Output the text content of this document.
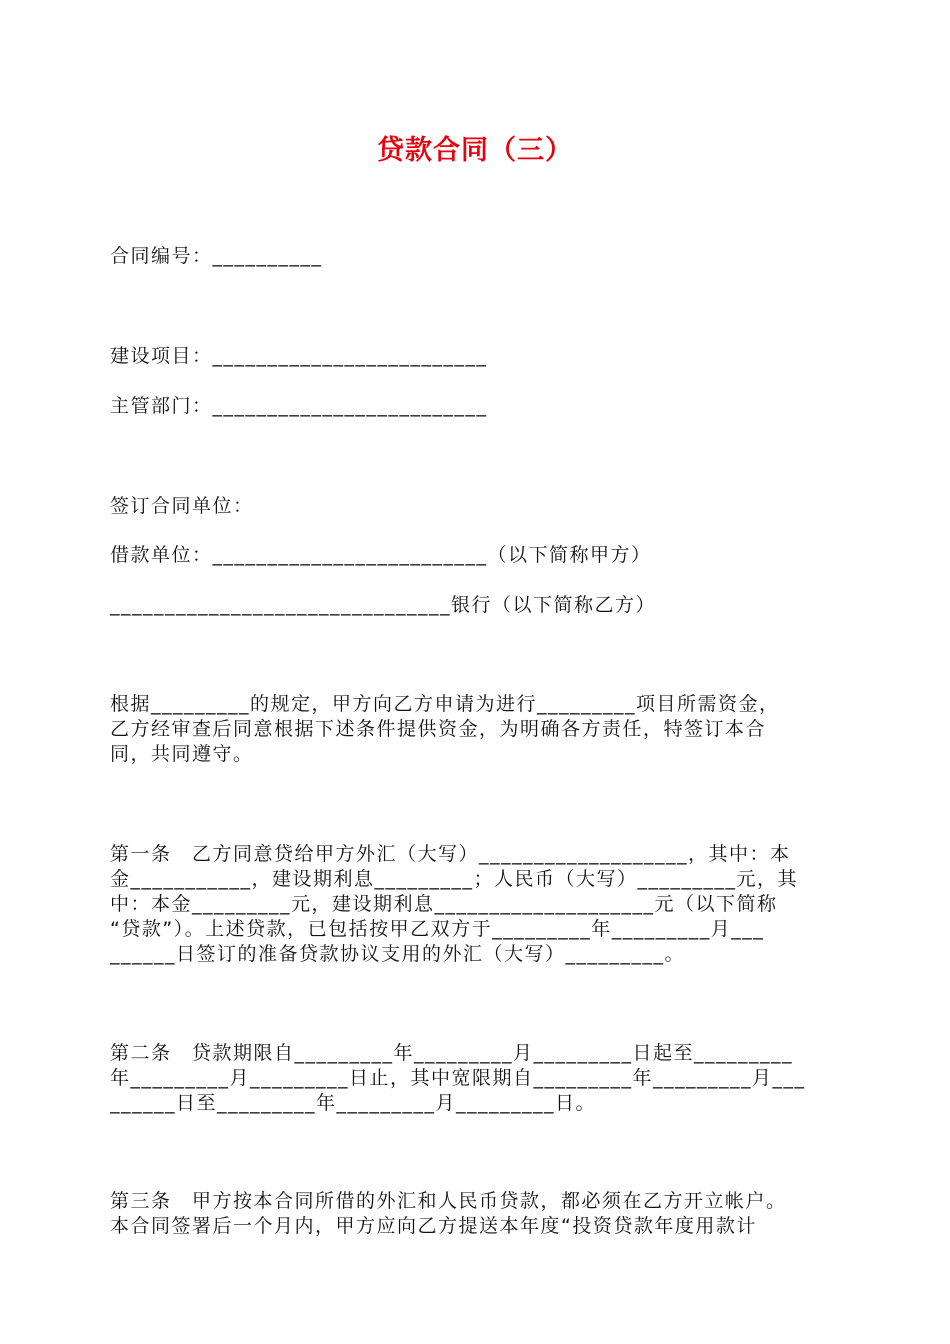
贷款合同（三）
合同编号：__________
建设项目：_________________________
主管部门：_________________________
签订合同单位：
借款单位：_________________________（以下简称甲方）
_______________________________银行（以下简称乙方）
根据_________的规定，甲方向乙方申请为进行_________项目所需资金，
乙方经审查后同意根据下述条件提供资金，为明确各方责任，特签订本合
同，共同遵守。
第一条　乙方同意贷给甲方外汇（大写）___________________，其中：本
金___________，建设期利息_________；人民币（大写）_________元，其
中：本金_________元，建设期利息____________________元（以下简称
“贷款”）。上述贷款，已包括按甲乙双方于_________年_________月___
______日签订的准备贷款协议支用的外汇（大写）_________。
第二条　贷款期限自_________年_________月_________日起至_________
年_________月_________日止，其中宽限期自_________年_________月___
______日至_________年_________月_________日。
第三条　甲方按本合同所借的外汇和人民币贷款，都必须在乙方开立帐户。
本合同签署后一个月内，甲方应向乙方提送本年度“投资贷款年度用款计
